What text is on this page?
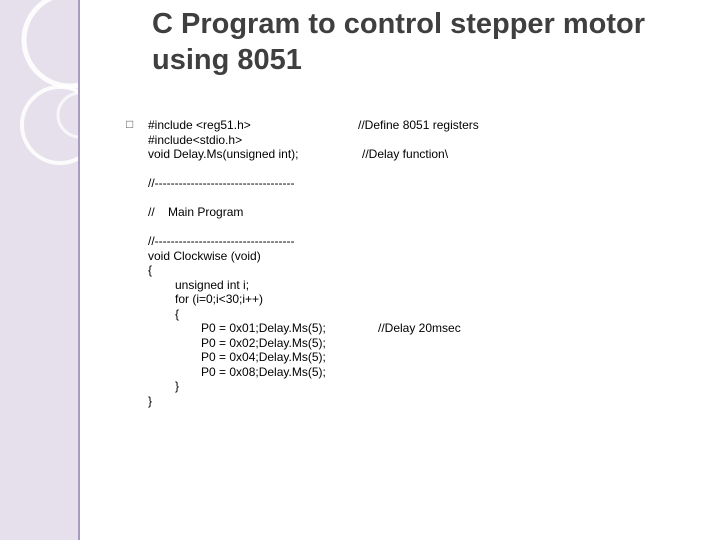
C Program to control stepper motor
using 8051
□ #include <reg51.h>
#include<stdio.h>
void Delay.Ms(unsigned int);
//-----------------------------------
//    Main Program
//-----------------------------------
void Clockwise (void)
{
unsigned int i;
for (i=0;i<30;i++)
{
P0 = 0x01;Delay.Ms(5);
P0 = 0x02;Delay.Ms(5);
P0 = 0x04;Delay.Ms(5);
P0 = 0x08;Delay.Ms(5);
}
}
//Define 8051 registers
//Delay function\
//Delay 20msec
